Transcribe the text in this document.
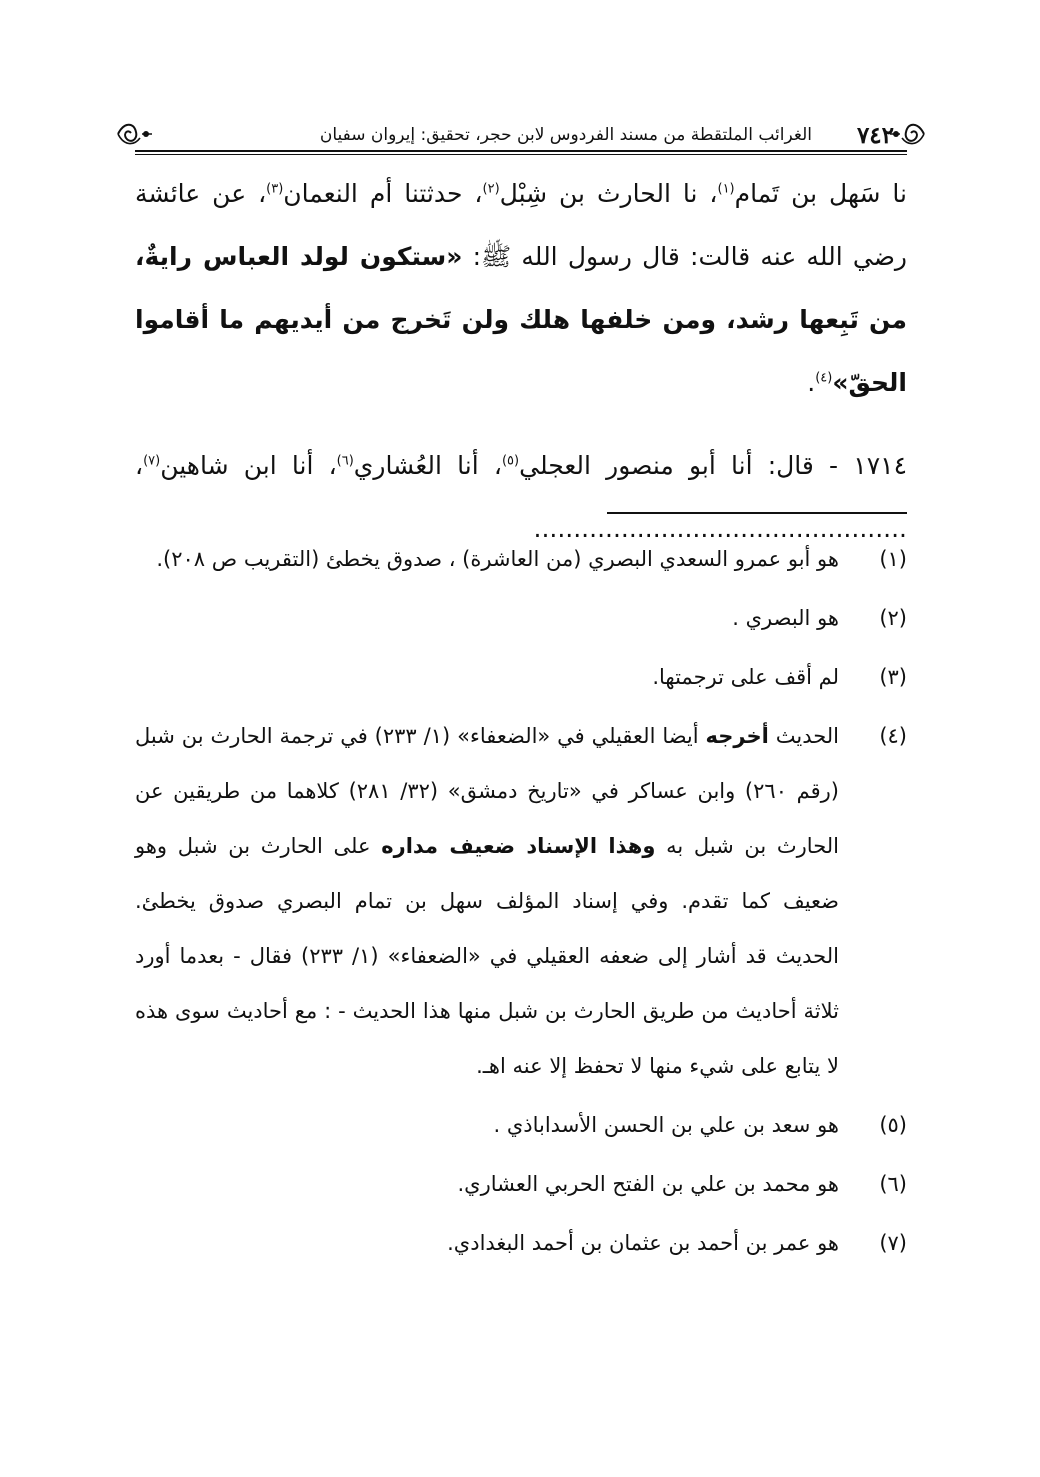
٧٤٢
الغرائب الملتقطة من مسند الفردوس لابن حجر، تحقيق: إيروان سفيان

نا سَهل بن تَمام$^{(١)}$، نا الحارث بن شِبْل$^{(٢)}$، حدثتنا أم النعمان$^{(٣)}$، عن عائشة رضي الله عنه قالت: قال رسول الله ﷺ: «ستكون لولد العباس رايةٌ، من تَبِعها رشد، ومن خلفها هلك ولن تَخرج من أيديهم ما أقاموا الحقّ»$^{(٤)}$.

١٧١٤ - قال: أنا أبو منصور العجلي$^{(٥)}$، أنا العُشاري$^{(٦)}$، أنا ابن شاهين$^{(٧)}$، ...............................................

(١)
هو أبو عمرو السعدي البصري (من العاشرة) ، صدوق يخطئ (التقريب ص ٢٠٨).
(٢)
هو البصري .
(٣)
لم أقف على ترجمتها.
(٤)
الحديث أخرجه أيضا العقيلي في «الضعفاء» (١/ ٢٣٣) في ترجمة الحارث بن شبل (رقم ٢٦٠) وابن عساكر في «تاريخ دمشق» (٣٢/ ٢٨١) كلاهما من طريقين عن الحارث بن شبل به وهذا الإسناد ضعيف مداره على الحارث بن شبل وهو ضعيف كما تقدم. وفي إسناد المؤلف سهل بن تمام البصري صدوق يخطئ. الحديث قد أشار إلى ضعفه العقيلي في «الضعفاء» (١/ ٢٣٣) فقال - بعدما أورد ثلاثة أحاديث من طريق الحارث بن شبل منها هذا الحديث - : مع أحاديث سوى هذه لا يتابع على شيء منها لا تحفظ إلا عنه اهـ.
(٥)
هو سعد بن علي بن الحسن الأسداباذي .
(٦)
هو محمد بن علي بن الفتح الحربي العشاري.
(٧)
هو عمر بن أحمد بن عثمان بن أحمد البغدادي.
